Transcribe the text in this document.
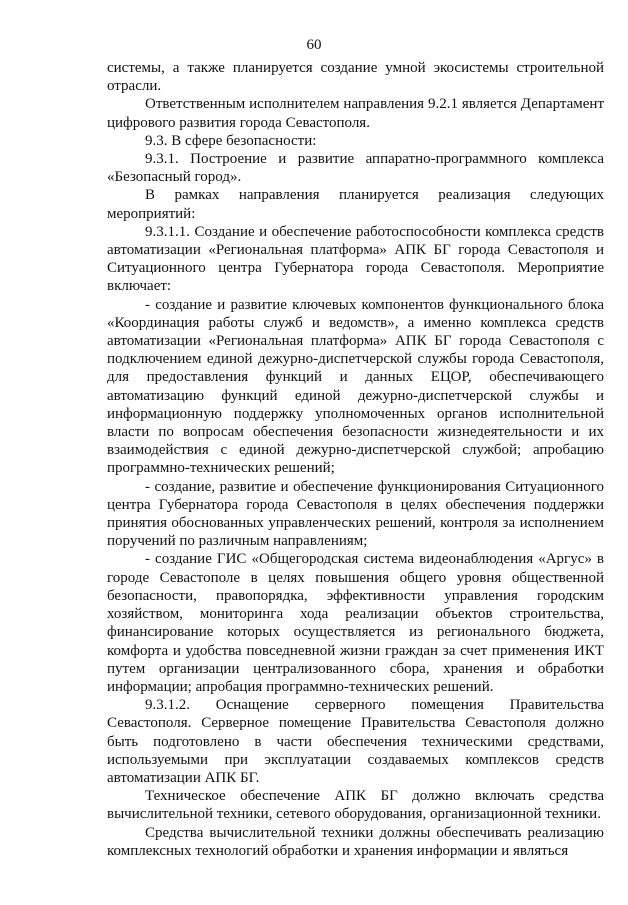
60

системы, а также планируется создание умной экосистемы строительной отрасли.

Ответственным исполнителем направления 9.2.1 является Департамент цифрового развития города Севастополя.

9.3. В сфере безопасности:

9.3.1. Построение и развитие аппаратно-программного комплекса «Безопасный город».

В рамках направления планируется реализация следующих мероприятий:

9.3.1.1. Создание и обеспечение работоспособности комплекса средств автоматизации «Региональная платформа» АПК БГ города Севастополя и Ситуационного центра Губернатора города Севастополя. Мероприятие включает:

- создание и развитие ключевых компонентов функционального блока «Координация работы служб и ведомств», а именно комплекса средств автоматизации «Региональная платформа» АПК БГ города Севастополя с подключением единой дежурно-диспетчерской службы города Севастополя, для предоставления функций и данных ЕЦОР, обеспечивающего автоматизацию функций единой дежурно-диспетчерской службы и информационную поддержку уполномоченных органов исполнительной власти по вопросам обеспечения безопасности жизнедеятельности и их взаимодействия с единой дежурно-диспетчерской службой; апробацию программно-технических решений;

- создание, развитие и обеспечение функционирования Ситуационного центра Губернатора города Севастополя в целях обеспечения поддержки принятия обоснованных управленческих решений, контроля за исполнением поручений по различным направлениям;

- создание ГИС «Общегородская система видеонаблюдения «Аргус» в городе Севастополе в целях повышения общего уровня общественной безопасности, правопорядка, эффективности управления городским хозяйством, мониторинга хода реализации объектов строительства, финансирование которых осуществляется из регионального бюджета, комфорта и удобства повседневной жизни граждан за счет применения ИКТ путем организации централизованного сбора, хранения и обработки информации; апробация программно-технических решений.

9.3.1.2. Оснащение серверного помещения Правительства Севастополя. Серверное помещение Правительства Севастополя должно быть подготовлено в части обеспечения техническими средствами, используемыми при эксплуатации создаваемых комплексов средств автоматизации АПК БГ.

Техническое обеспечение АПК БГ должно включать средства вычислительной техники, сетевого оборудования, организационной техники.

Средства вычислительной техники должны обеспечивать реализацию комплексных технологий обработки и хранения информации и являться
